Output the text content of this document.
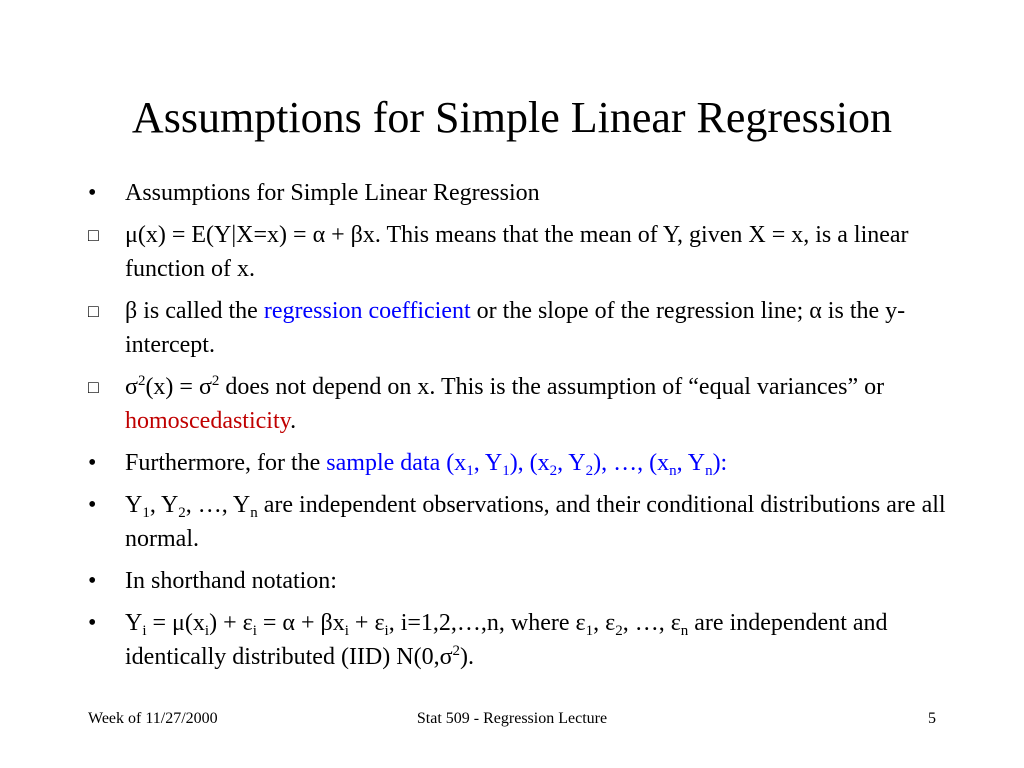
Assumptions for Simple Linear Regression
•	Assumptions for Simple Linear Regression
□	μ(x) = E(Y|X=x) = α + βx. This means that the mean of Y, given X = x, is a linear function of x.
□	β is called the regression coefficient or the slope of the regression line; α is the y-intercept.
□	$\sigma^2(x) = \sigma^2$ does not depend on x. This is the assumption of “equal variances” or homoscedasticity.
•	Furthermore, for the sample data ($x_1$, $Y_1$), ($x_2$, $Y_2$), …, ($x_n$, $Y_n$):
•	$Y_1$, $Y_2$, …, $Y_n$ are independent observations, and their conditional distributions are all normal.
•	In shorthand notation:
•	$Y_i = \mu(x_i) + \varepsilon_i = \alpha + \beta x_i + \varepsilon_i$, i=1,2,…,n, where $\varepsilon_1$, $\varepsilon_2$, …, $\varepsilon_n$ are independent and identically distributed (IID) $N(0,\sigma^2)$.
Week of 11/27/2000	Stat 509 - Regression Lecture	5
